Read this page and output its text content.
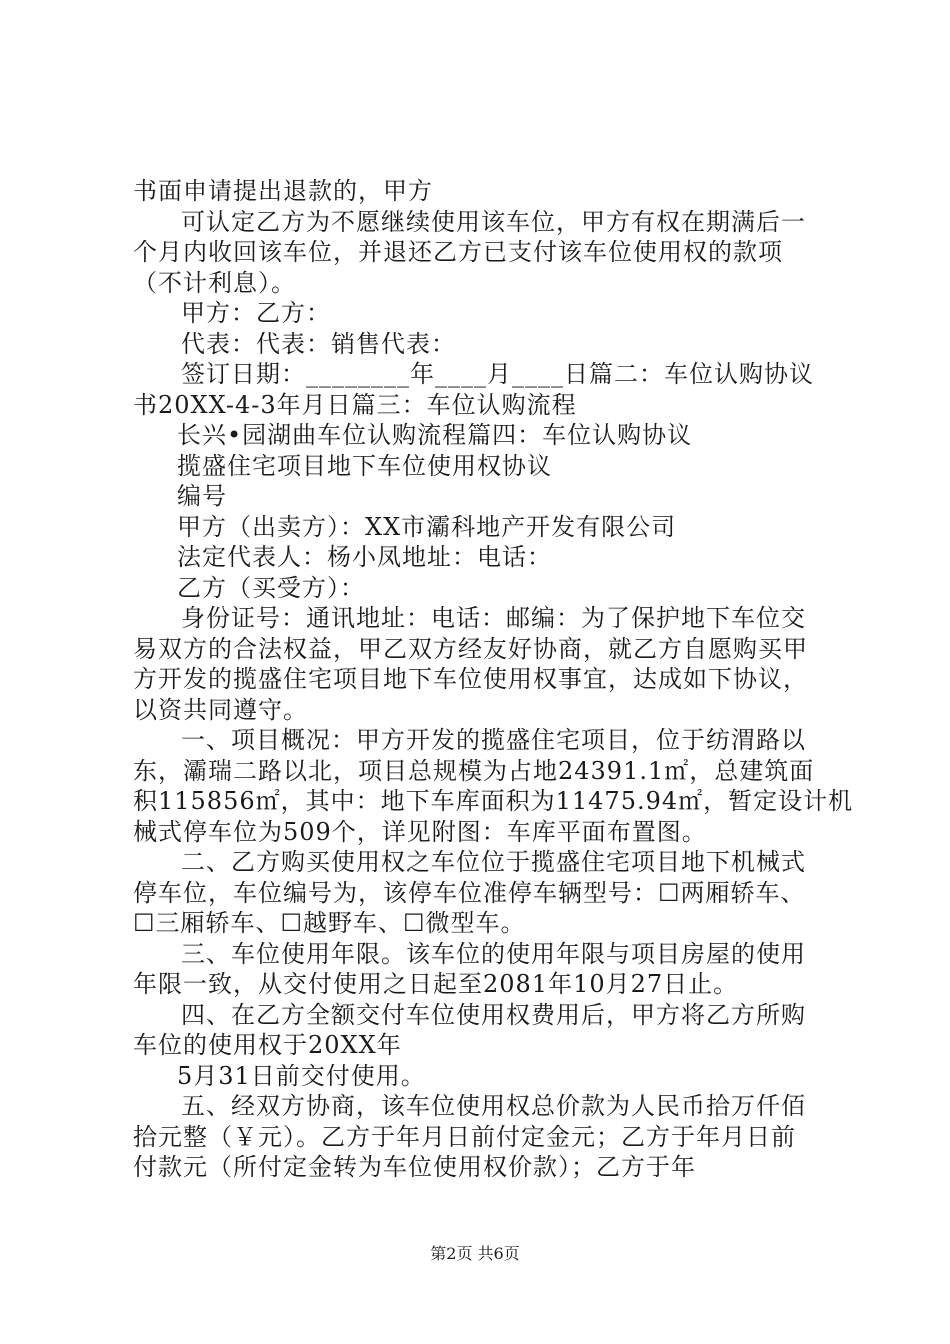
书面申请提出退款的，甲方
可认定乙方为不愿继续使用该车位，甲方有权在期满后一
个月内收回该车位，并退还乙方已支付该车位使用权的款项
（不计利息）。
甲方：乙方：
代表：代表：销售代表：
签订日期：________年____月____日篇二：车位认购协议
书20XX-4-3年月日篇三：车位认购流程
长兴•园湖曲车位认购流程篇四：车位认购协议
揽盛住宅项目地下车位使用权协议
编号
甲方（出卖方）：XX市灞科地产开发有限公司
法定代表人：杨小凤地址：电话：
乙方（买受方）：
身份证号：通讯地址：电话：邮编：为了保护地下车位交
易双方的合法权益，甲乙双方经友好协商，就乙方自愿购买甲
方开发的揽盛住宅项目地下车位使用权事宜，达成如下协议，
以资共同遵守。
一、项目概况：甲方开发的揽盛住宅项目，位于纺渭路以
东，灞瑞二路以北，项目总规模为占地24391.1㎡，总建筑面
积115856㎡，其中：地下车库面积为11475.94㎡，暂定设计机
械式停车位为509个，详见附图：车库平面布置图。
二、乙方购买使用权之车位位于揽盛住宅项目地下机械式
停车位，车位编号为，该停车位准停车辆型号：☐两厢轿车、
☐三厢轿车、☐越野车、☐微型车。
三、车位使用年限。该车位的使用年限与项目房屋的使用
年限一致，从交付使用之日起至2081年10月27日止。
四、在乙方全额交付车位使用权费用后，甲方将乙方所购
车位的使用权于20XX年
5月31日前交付使用。
五、经双方协商，该车位使用权总价款为人民币拾万仟佰
拾元整（￥元）。乙方于年月日前付定金元；乙方于年月日前
付款元（所付定金转为车位使用权价款）；乙方于年
第2页 共6页
